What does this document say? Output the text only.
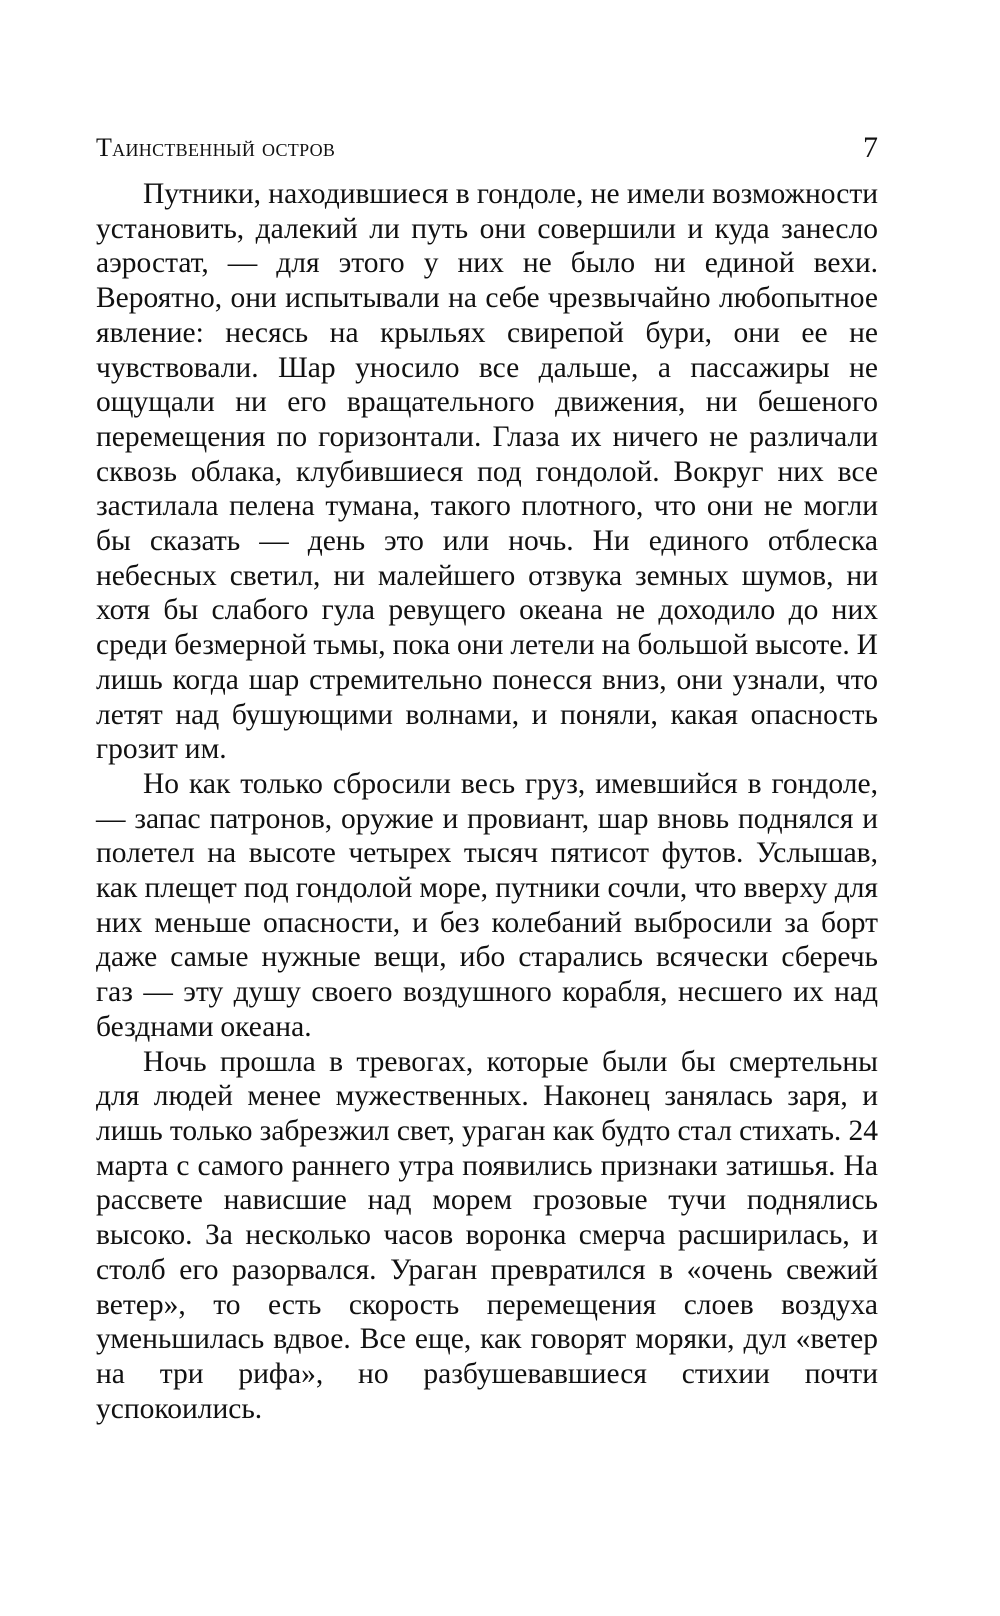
Таинственный остров	7

Путники, находившиеся в гондоле, не имели возможности установить, далекий ли путь они совершили и куда занесло аэростат, — для этого у них не было ни единой вехи. Вероятно, они испытывали на себе чрезвычайно любопытное явление: несясь на крыльях свирепой бури, они ее не чувствовали. Шар уносило все дальше, а пассажиры не ощущали ни его вращательного движения, ни бешеного перемещения по горизонтали. Глаза их ничего не различали сквозь облака, клубившиеся под гондолой. Вокруг них все застилала пелена тумана, такого плотного, что они не могли бы сказать — день это или ночь. Ни единого отблеска небесных светил, ни малейшего отзвука земных шумов, ни хотя бы слабого гула ревущего океана не доходило до них среди безмерной тьмы, пока они летели на большой высоте. И лишь когда шар стремительно понесся вниз, они узнали, что летят над бушующими волнами, и поняли, какая опасность грозит им.

Но как только сбросили весь груз, имевшийся в гондоле, — запас патронов, оружие и провиант, шар вновь поднялся и полетел на высоте четырех тысяч пятисот футов. Услышав, как плещет под гондолой море, путники сочли, что вверху для них меньше опасности, и без колебаний выбросили за борт даже самые нужные вещи, ибо старались всячески сберечь газ — эту душу своего воздушного корабля, несшего их над безднами океана.

Ночь прошла в тревогах, которые были бы смертельны для людей менее мужественных. Наконец занялась заря, и лишь только забрезжил свет, ураган как будто стал стихать. 24 марта с самого раннего утра появились признаки затишья. На рассвете нависшие над морем грозовые тучи поднялись высоко. За несколько часов воронка смерча расширилась, и столб его разорвался. Ураган превратился в «очень свежий ветер», то есть скорость перемещения слоев воздуха уменьшилась вдвое. Все еще, как говорят моряки, дул «ветер на три рифа», но разбушевавшиеся стихии почти успокоились.
